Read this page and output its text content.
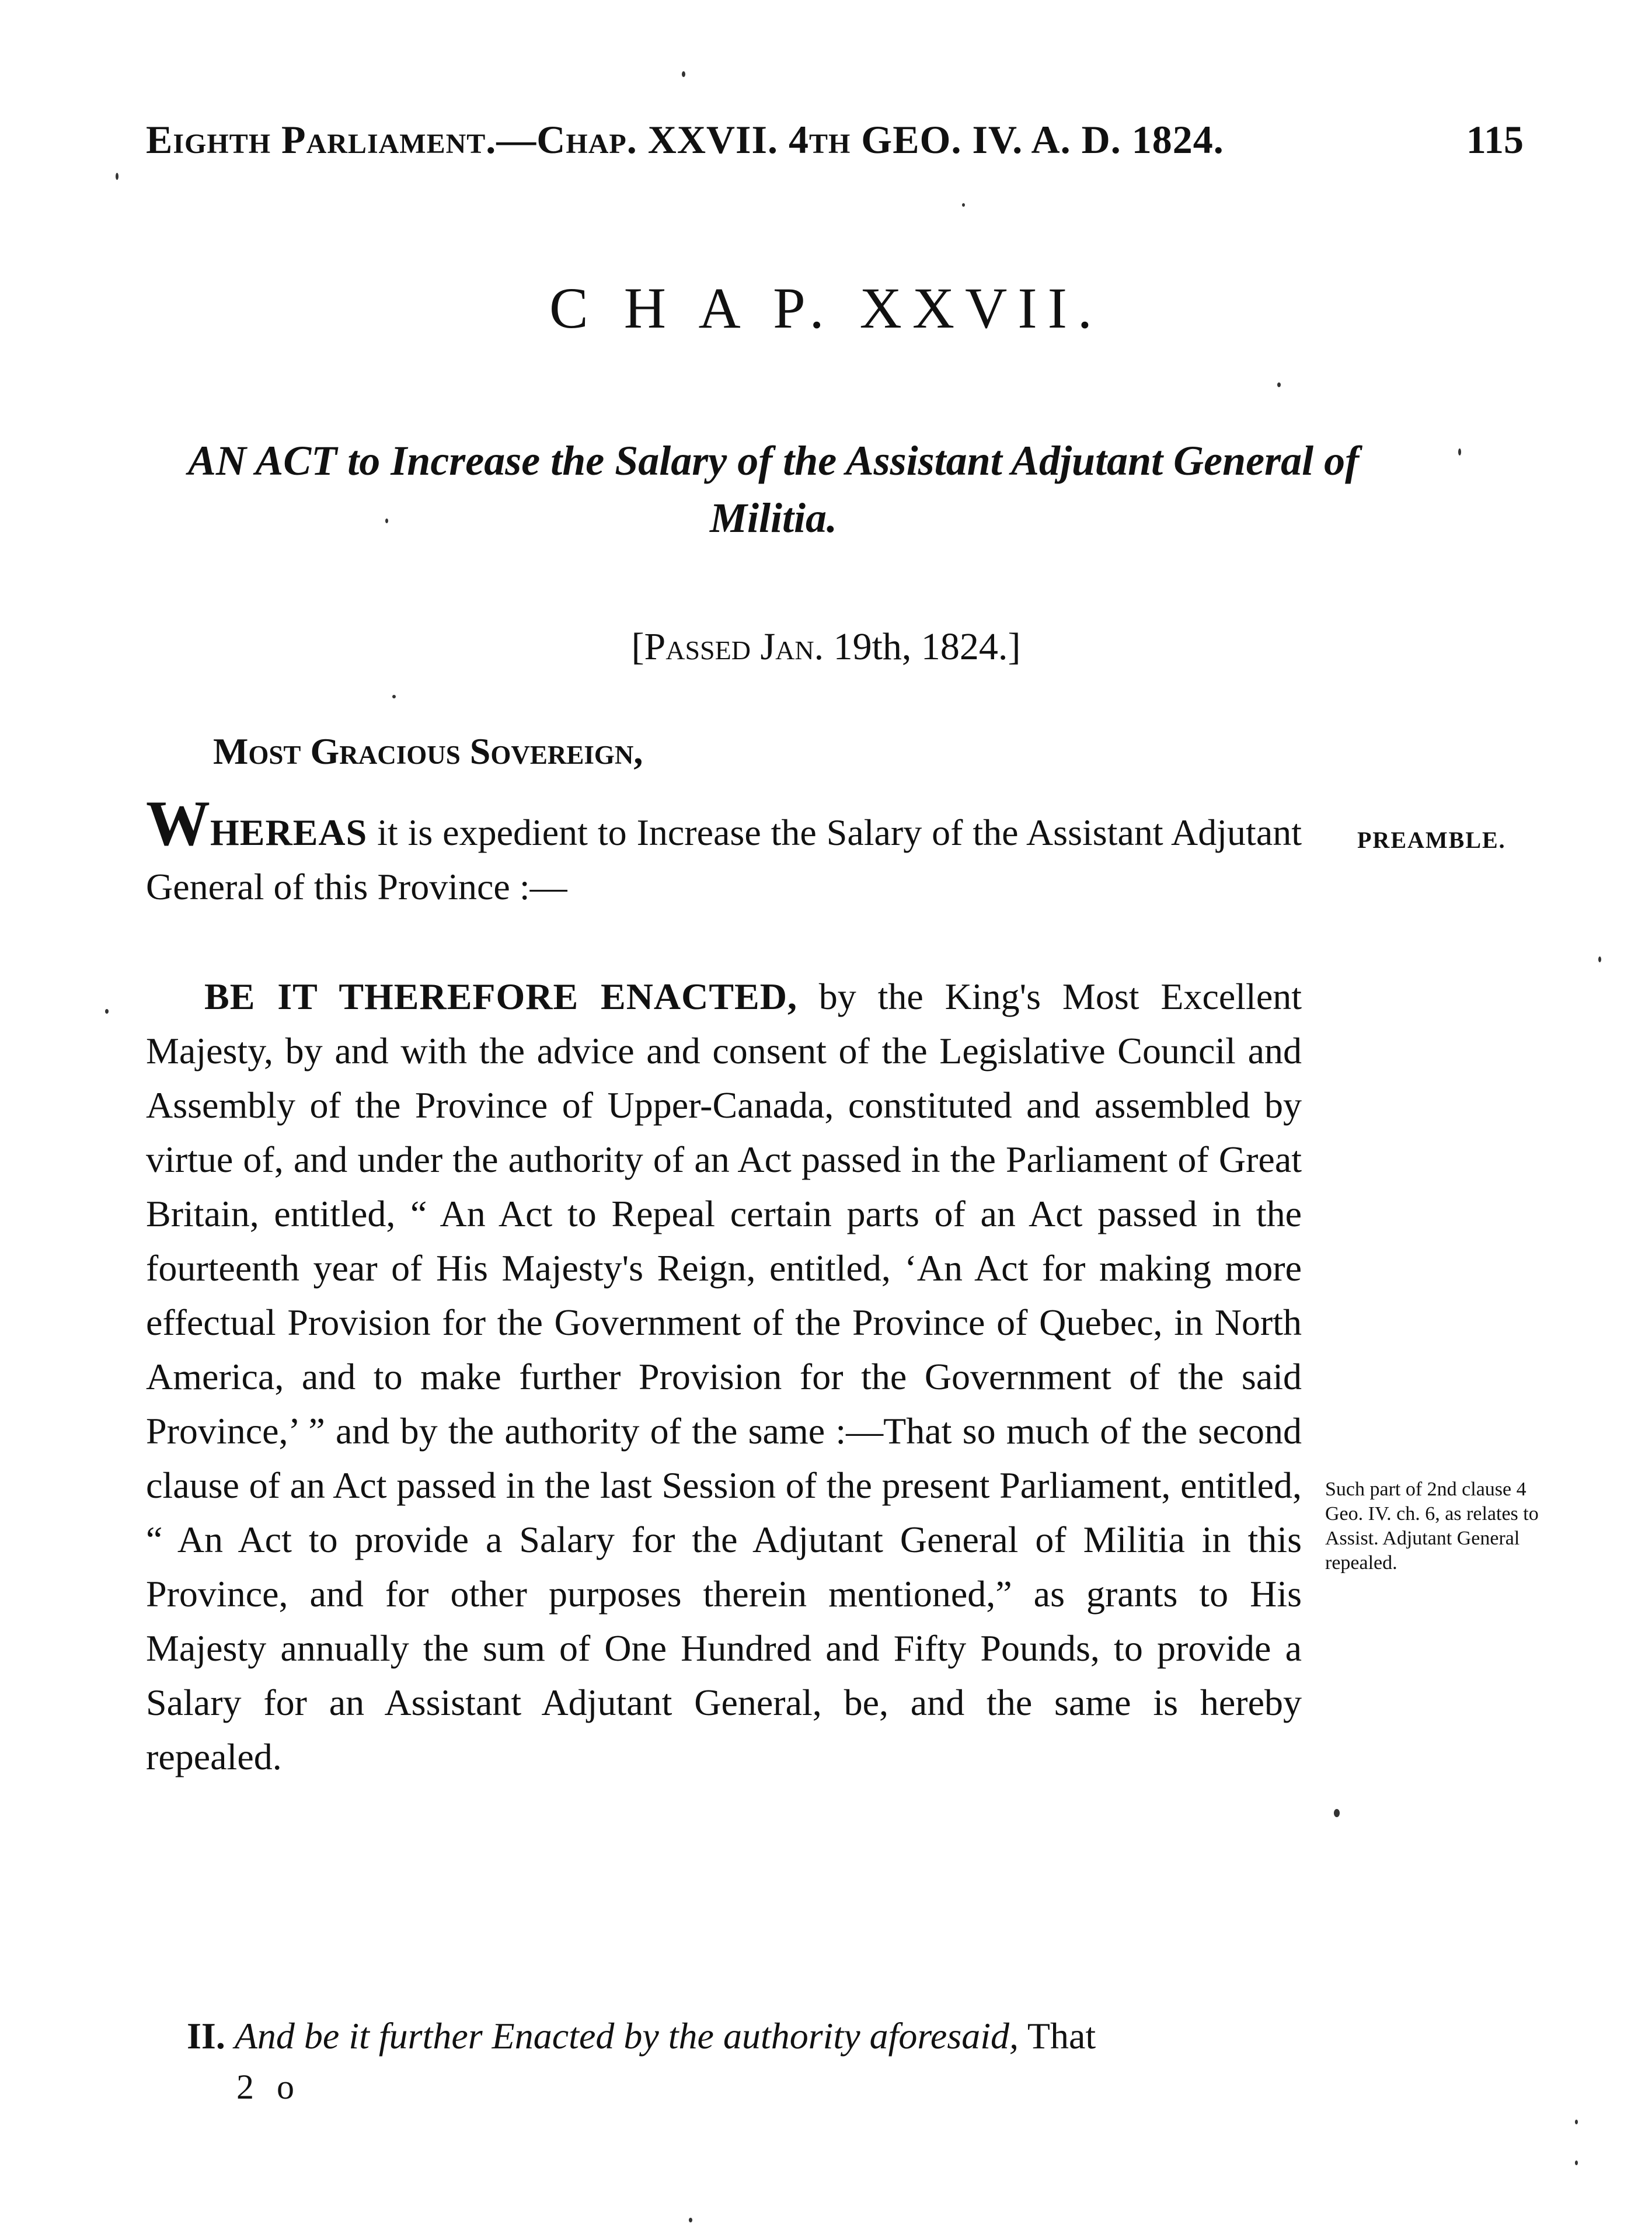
Eighth Parliament.—Chap. XXVII. 4th GEO. IV. A. D. 1824.	115
C H A P. XXVII.
AN ACT to Increase the Salary of the Assistant Adjutant General of Militia.
[Passed Jan. 19th, 1824.]
Most Gracious Sovereign,
WHEREAS it is expedient to Increase the Salary of the Assistant Adjutant General of this Province :—
PREAMBLE.
BE IT THEREFORE ENACTED, by the King's Most Excellent Majesty, by and with the advice and consent of the Legislative Council and Assembly of the Province of Upper-Canada, constituted and assembled by virtue of, and under the authority of an Act passed in the Parliament of Great Britain, entitled, “ An Act to Repeal certain parts of an Act passed in the fourteenth year of His Majesty's Reign, entitled, ‘An Act for making more effectual Provision for the Government of the Province of Quebec, in North America, and to make further Provision for the Government of the said Province,’ ” and by the authority of the same :—That so much of the second clause of an Act passed in the last Session of the present Parliament, entitled, “ An Act to provide a Salary for the Adjutant General of Militia in this Province, and for other purposes therein mentioned,” as grants to His Majesty annually the sum of One Hundred and Fifty Pounds, to provide a Salary for an Assistant Adjutant General, be, and the same is hereby repealed.
Such part of 2nd clause 4 Geo. IV. ch. 6, as relates to Assist. Adjutant General repealed.
II. And be it further Enacted by the authority aforesaid, That
2 o
